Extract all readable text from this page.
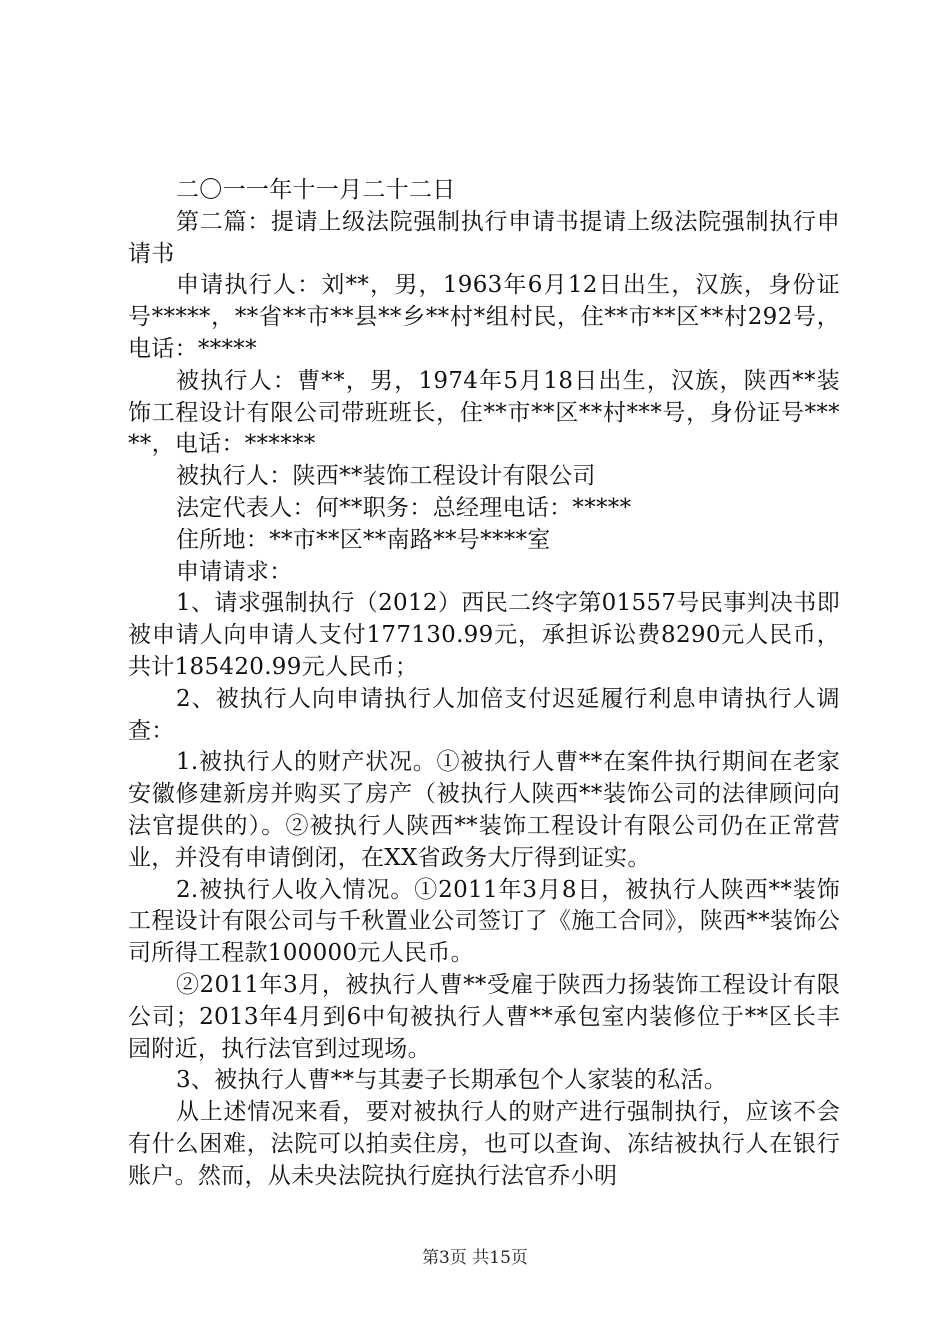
二〇一一年十一月二十二日

第二篇：提请上级法院强制执行申请书提请上级法院强制执行申请书

申请执行人：刘**，男，1963年6月12日出生，汉族，身份证号*****，**省**市**县**乡**村*组村民，住**市**区**村292号，电话：*****

被执行人：曹**，男，1974年5月18日出生，汉族，陕西**装饰工程设计有限公司带班班长，住**市**区**村***号，身份证号*****，电话：******

被执行人：陕西**装饰工程设计有限公司

法定代表人：何**职务：总经理电话：*****

住所地：**市**区**南路**号****室

申请请求：

1、请求强制执行（2012）西民二终字第01557号民事判决书即被申请人向申请人支付177130.99元，承担诉讼费8290元人民币，共计185420.99元人民币；

2、被执行人向申请执行人加倍支付迟延履行利息申请执行人调查：

1.被执行人的财产状况。①被执行人曹**在案件执行期间在老家安徽修建新房并购买了房产（被执行人陕西**装饰公司的法律顾问向法官提供的）。②被执行人陕西**装饰工程设计有限公司仍在正常营业，并没有申请倒闭，在XX省政务大厅得到证实。

2.被执行人收入情况。①2011年3月8日，被执行人陕西**装饰工程设计有限公司与千秋置业公司签订了《施工合同》，陕西**装饰公司所得工程款100000元人民币。

②2011年3月，被执行人曹**受雇于陕西力扬装饰工程设计有限公司；2013年4月到6中旬被执行人曹**承包室内装修位于**区长丰园附近，执行法官到过现场。

3、被执行人曹**与其妻子长期承包个人家装的私活。

从上述情况来看，要对被执行人的财产进行强制执行，应该不会有什么困难，法院可以拍卖住房，也可以查询、冻结被执行人在银行账户。然而，从未央法院执行庭执行法官乔小明

第3页 共15页
